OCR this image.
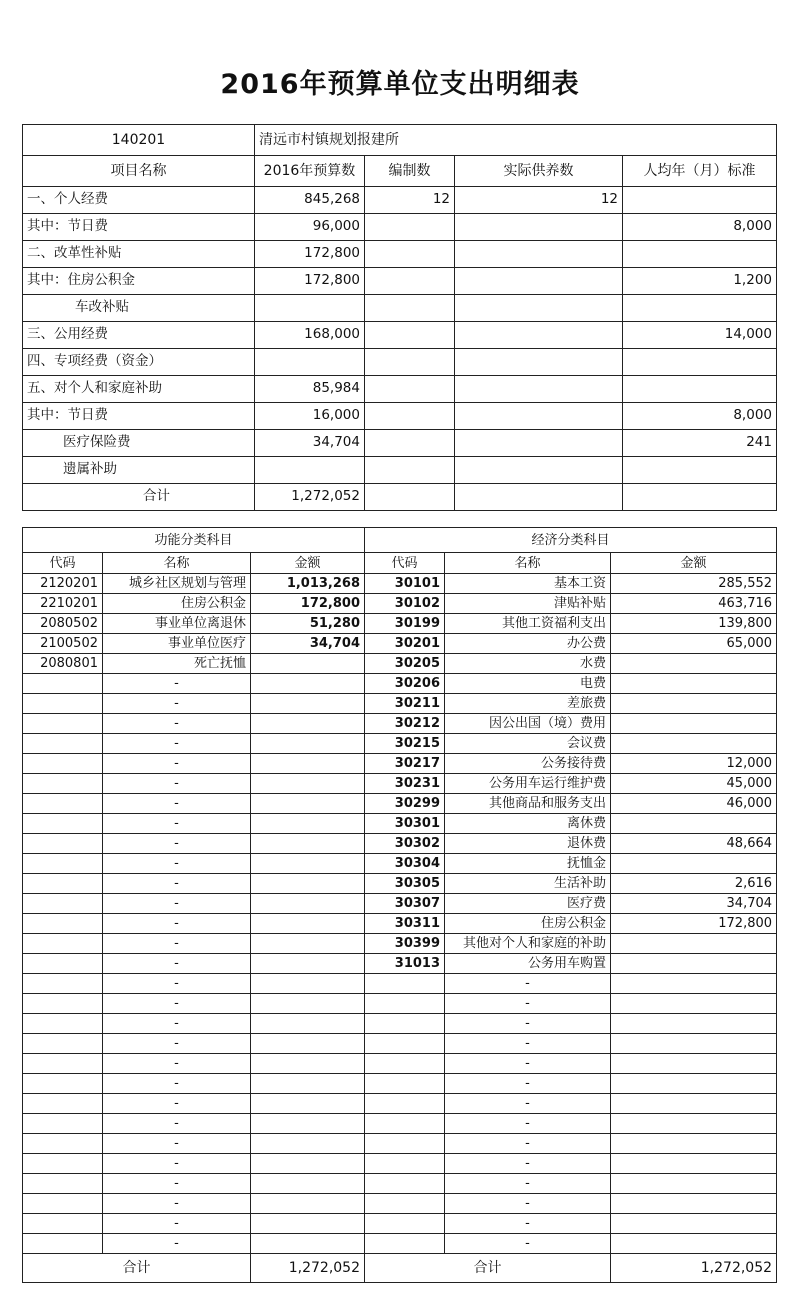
2016年预算单位支出明细表
140201	清远市村镇规划报建所			
项目名称	2016年预算数	编制数	实际供养数	人均年（月）标准
一、个人经费	845,268	12	12	
其中：节日费	96,000			8,000
二、改革性补贴	172,800			
其中：住房公积金	172,800			1,200
车改补贴				
三、公用经费	168,000			14,000
四、专项经费（资金）				
五、对个人和家庭补助	85,984			
其中：节日费	16,000			8,000
医疗保险费	34,704			241
遗属补助				
合计	1,272,052			
功能分类科目			经济分类科目		
代码	名称	金额	代码	名称	金额
2120201	城乡社区规划与管理	1,013,268	30101	基本工资	285,552
2210201	住房公积金	172,800	30102	津贴补贴	463,716
2080502	事业单位离退休	51,280	30199	其他工资福利支出	139,800
2100502	事业单位医疗	34,704	30201	办公费	65,000
2080801	死亡抚恤		30205	水费	
	-		30206	电费	
	-		30211	差旅费	
	-		30212	因公出国（境）费用	
	-		30215	会议费	
	-		30217	公务接待费	12,000
	-		30231	公务用车运行维护费	45,000
	-		30299	其他商品和服务支出	46,000
	-		30301	离休费	
	-		30302	退休费	48,664
	-		30304	抚恤金	
	-		30305	生活补助	2,616
	-		30307	医疗费	34,704
	-		30311	住房公积金	172,800
	-		30399	其他对个人和家庭的补助	
	-		31013	公务用车购置	
	-			-	
	-			-	
	-			-	
	-			-	
	-			-	
	-			-	
	-			-	
	-			-	
	-			-	
	-			-	
	-			-	
	-			-	
	-			-	
	-			-	
合计		1,272,052	合计		1,272,052
